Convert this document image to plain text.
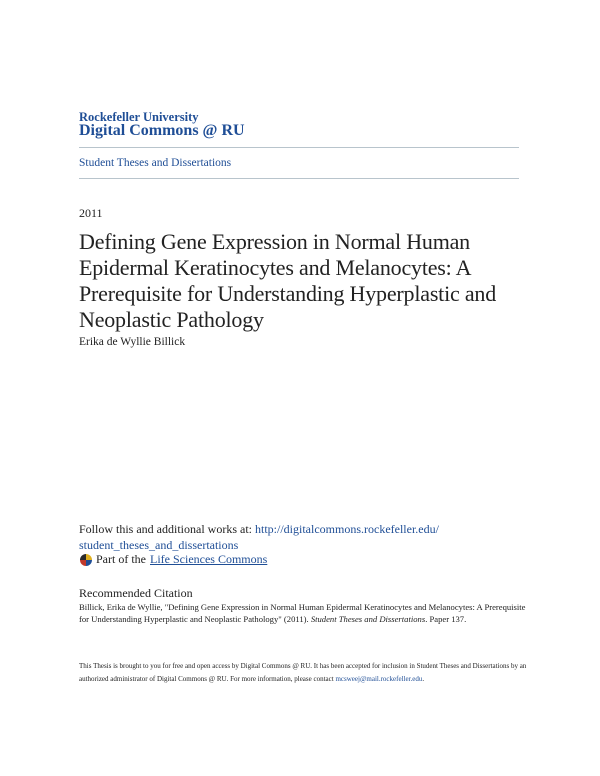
Rockefeller University
Digital Commons @ RU
Student Theses and Dissertations
2011
Defining Gene Expression in Normal Human Epidermal Keratinocytes and Melanocytes: A Prerequisite for Understanding Hyperplastic and Neoplastic Pathology
Erika de Wyllie Billick
Follow this and additional works at: http://digitalcommons.rockefeller.edu/
student_theses_and_dissertations
Part of the Life Sciences Commons
Recommended Citation
Billick, Erika de Wyllie, "Defining Gene Expression in Normal Human Epidermal Keratinocytes and Melanocytes: A Prerequisite for Understanding Hyperplastic and Neoplastic Pathology" (2011). Student Theses and Dissertations. Paper 137.
This Thesis is brought to you for free and open access by Digital Commons @ RU. It has been accepted for inclusion in Student Theses and Dissertations by an authorized administrator of Digital Commons @ RU. For more information, please contact mcsweej@mail.rockefeller.edu.
